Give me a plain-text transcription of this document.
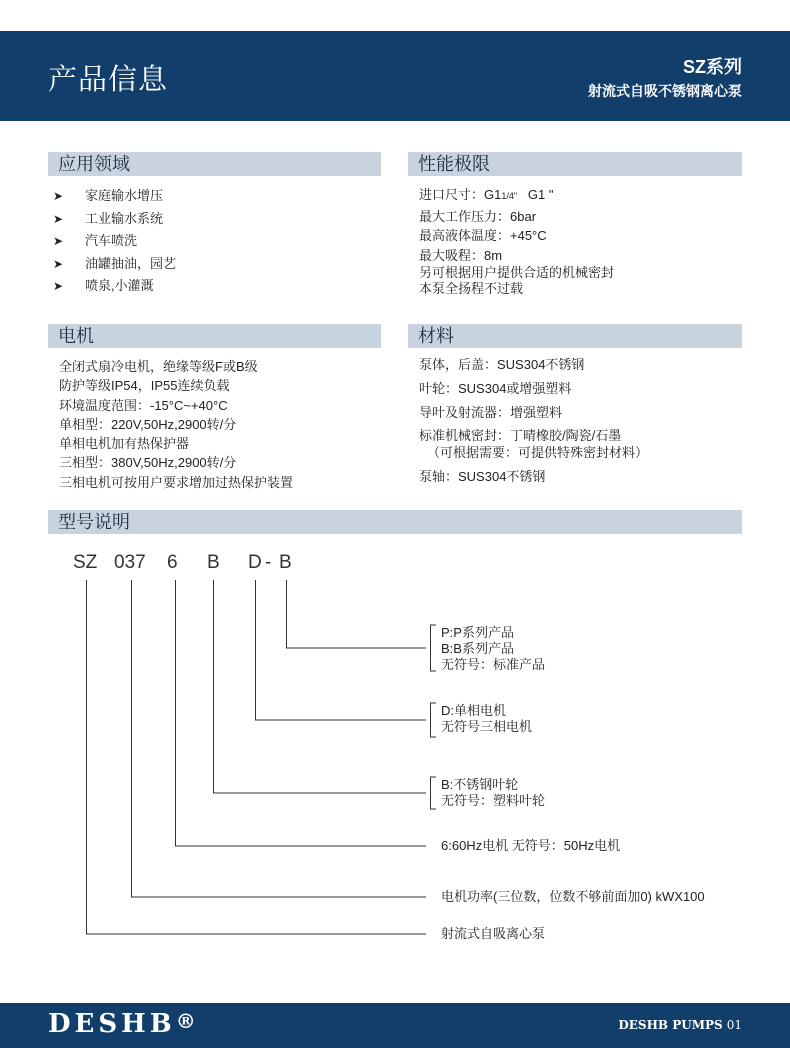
产品信息	SZ系列
射流式自吸不锈钢离心泵
应用领域
➤ 家庭输水增压
➤ 工业输水系统
➤ 汽车喷洗
➤ 油罐抽油，园艺
➤ 喷泉,小灌溉
性能极限
进口尺寸：G11/4" G1 "
最大工作压力：6bar
最高液体温度：+45°C
最大吸程：8m
另可根据用户提供合适的机械密封
本泵全扬程不过载
电机
全闭式扇冷电机，绝缘等级F或B级
防护等级IP54，IP55连续负载
环境温度范围：-15°C~+40°C
单相型：220V,50Hz,2900转/分
单相电机加有热保护器
三相型：380V,50Hz,2900转/分
三相电机可按用户要求增加过热保护装置
材料
泵体，后盖：SUS304不锈钢
叶轮：SUS304或增强塑料
导叶及射流器：增强塑料
标准机械密封：丁晴橡胶/陶瓷/石墨
（可根据需要：可提供特殊密封材料）
泵轴：SUS304不锈钢
型号说明
SZ 037 6 B D - B
P:P系列产品
B:B系列产品
无符号：标准产品
D:单相电机
无符号三相电机
B:不锈钢叶轮
无符号：塑料叶轮
6:60Hz电机 无符号：50Hz电机
电机功率(三位数，位数不够前面加0) kWX100
射流式自吸离心泵
DESHB®	DESHB PUMPS 01
